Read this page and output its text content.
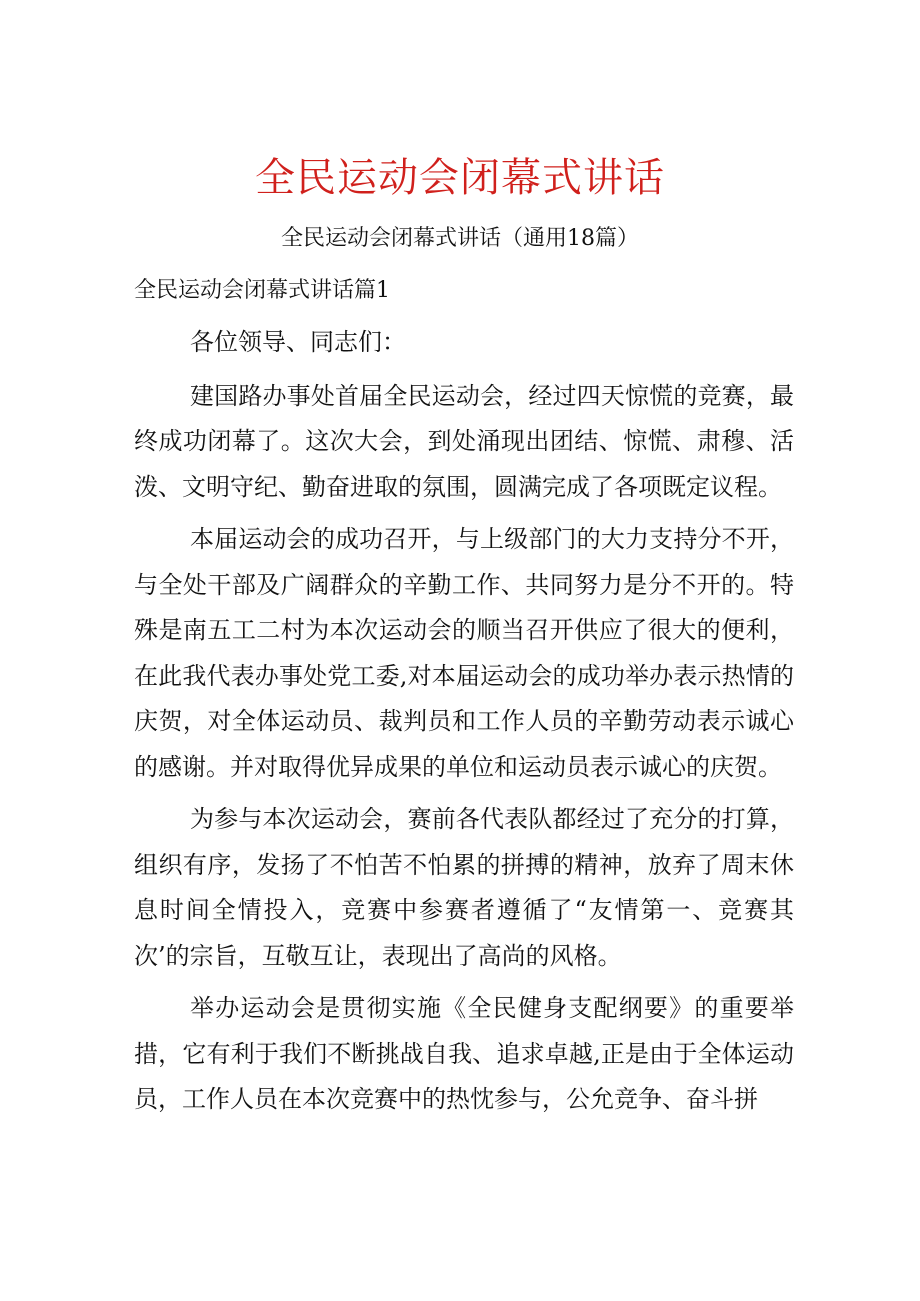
全民运动会闭幕式讲话
全民运动会闭幕式讲话（通用18篇）
全民运动会闭幕式讲话篇1

各位领导、同志们：

建国路办事处首届全民运动会，经过四天惊慌的竞赛，最终成功闭幕了。这次大会，到处涌现出团结、惊慌、肃穆、活泼、文明守纪、勤奋进取的氛围，圆满完成了各项既定议程。

本届运动会的成功召开，与上级部门的大力支持分不开，与全处干部及广阔群众的辛勤工作、共同努力是分不开的。特殊是南五工二村为本次运动会的顺当召开供应了很大的便利，在此我代表办事处党工委,对本届运动会的成功举办表示热情的庆贺，对全体运动员、裁判员和工作人员的辛勤劳动表示诚心的感谢。并对取得优异成果的单位和运动员表示诚心的庆贺。

为参与本次运动会，赛前各代表队都经过了充分的打算，组织有序，发扬了不怕苦不怕累的拼搏的精神，放弃了周末休息时间全情投入，竞赛中参赛者遵循了“友情第一、竞赛其次’的宗旨，互敬互让，表现出了高尚的风格。

举办运动会是贯彻实施《全民健身支配纲要》的重要举措，它有利于我们不断挑战自我、追求卓越,正是由于全体运动员，工作人员在本次竞赛中的热忱参与，公允竞争、奋斗拼
